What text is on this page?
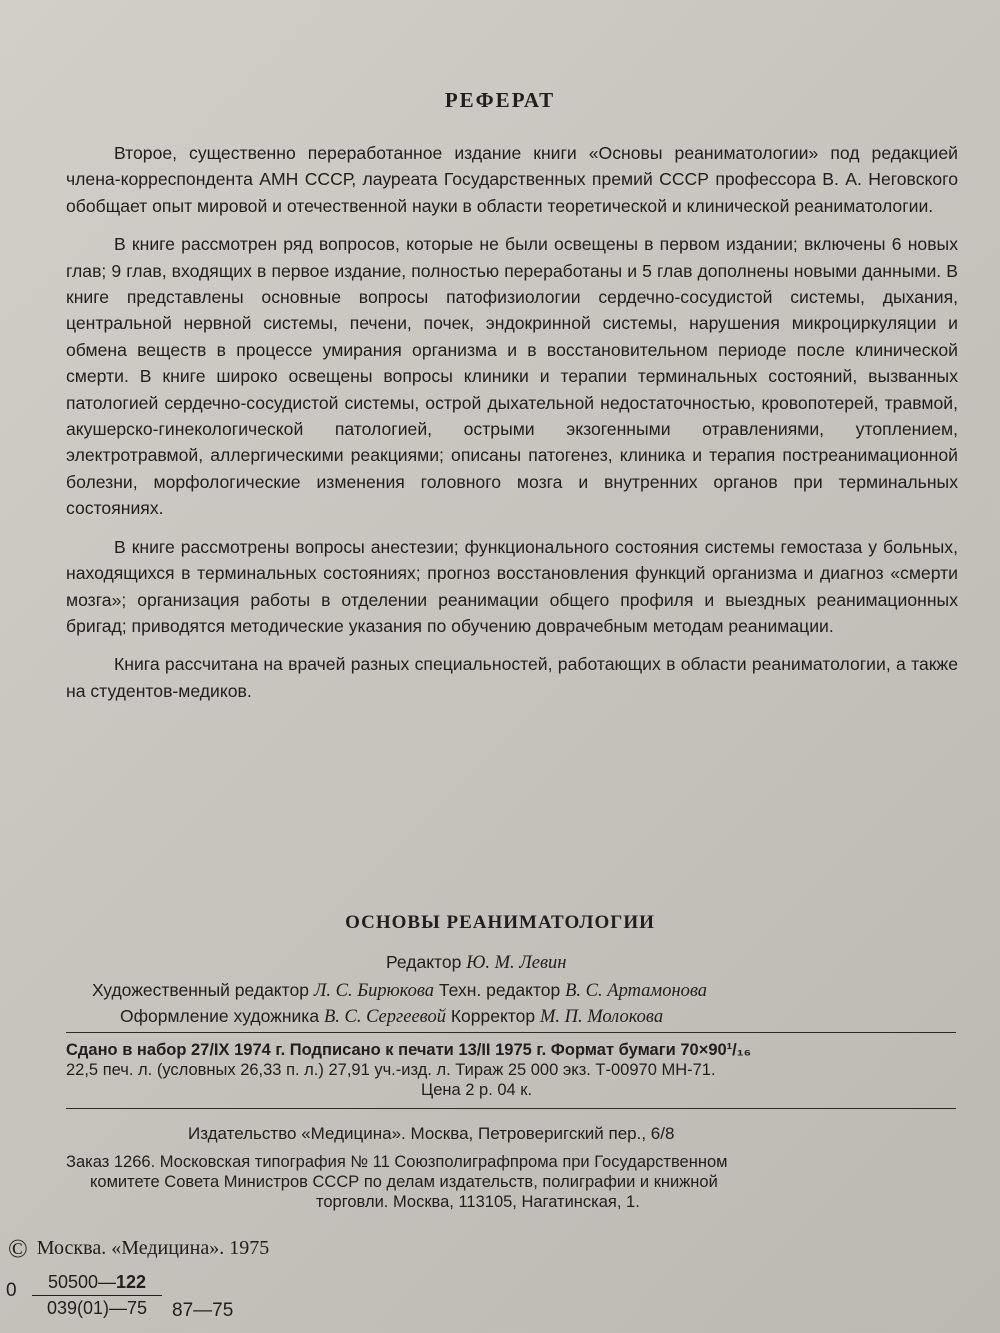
РЕФЕРАТ

Второе, существенно переработанное издание книги «Основы реаниматологии» под редакцией члена-корреспондента АМН СССР, лауреата Государственных премий СССР профессора В. А. Неговского обобщает опыт мировой и отечественной науки в области теоретической и клинической реаниматологии.

В книге рассмотрен ряд вопросов, которые не были освещены в первом издании; включены 6 новых глав; 9 глав, входящих в первое издание, полностью переработаны и 5 глав дополнены новыми данными. В книге представлены основные вопросы патофизиологии сердечно-сосудистой системы, дыхания, центральной нервной системы, печени, почек, эндокринной системы, нарушения микроциркуляции и обмена веществ в процессе умирания организма и в восстановительном периоде после клинической смерти. В книге широко освещены вопросы клиники и терапии терминальных состояний, вызванных патологией сердечно-сосудистой системы, острой дыхательной недостаточностью, кровопотерей, травмой, акушерско-гинекологической патологией, острыми экзогенными отравлениями, утоплением, электротравмой, аллергическими реакциями; описаны патогенез, клиника и терапия постреанимационной болезни, морфологические изменения головного мозга и внутренних органов при терминальных состояниях.

В книге рассмотрены вопросы анестезии; функционального состояния системы гемостаза у больных, находящихся в терминальных состояниях; прогноз восстановления функций организма и диагноз «смерти мозга»; организация работы в отделении реанимации общего профиля и выездных реанимационных бригад; приводятся методические указания по обучению доврачебным методам реанимации.

Книга рассчитана на врачей разных специальностей, работающих в области реаниматологии, а также на студентов-медиков.

ОСНОВЫ РЕАНИМАТОЛОГИИ
Редактор Ю. М. Левин
Художественный редактор Л. С. Бирюкова Техн. редактор В. С. Артамонова
Оформление художника В. С. Сергеевой Корректор М. П. Молокова
Сдано в набор 27/IX 1974 г. Подписано к печати 13/II 1975 г. Формат бумаги 70×90¹/₁₆
22,5 печ. л. (условных 26,33 п. л.) 27,91 уч.-изд. л. Тираж 25 000 экз. Т-00970 МН-71.
Цена 2 р. 04 к.
Издательство «Медицина». Москва, Петроверигский пер., 6/8
Заказ 1266. Московская типография № 11 Союзполиграфпрома при Государственном
комитете Совета Министров СССР по делам издательств, полиграфии и книжной
торговли. Москва, 113105, Нагатинская, 1.
© Москва. «Медицина». 1975
$0 \frac{50500—122}{039(01)—75}$ 87—75
